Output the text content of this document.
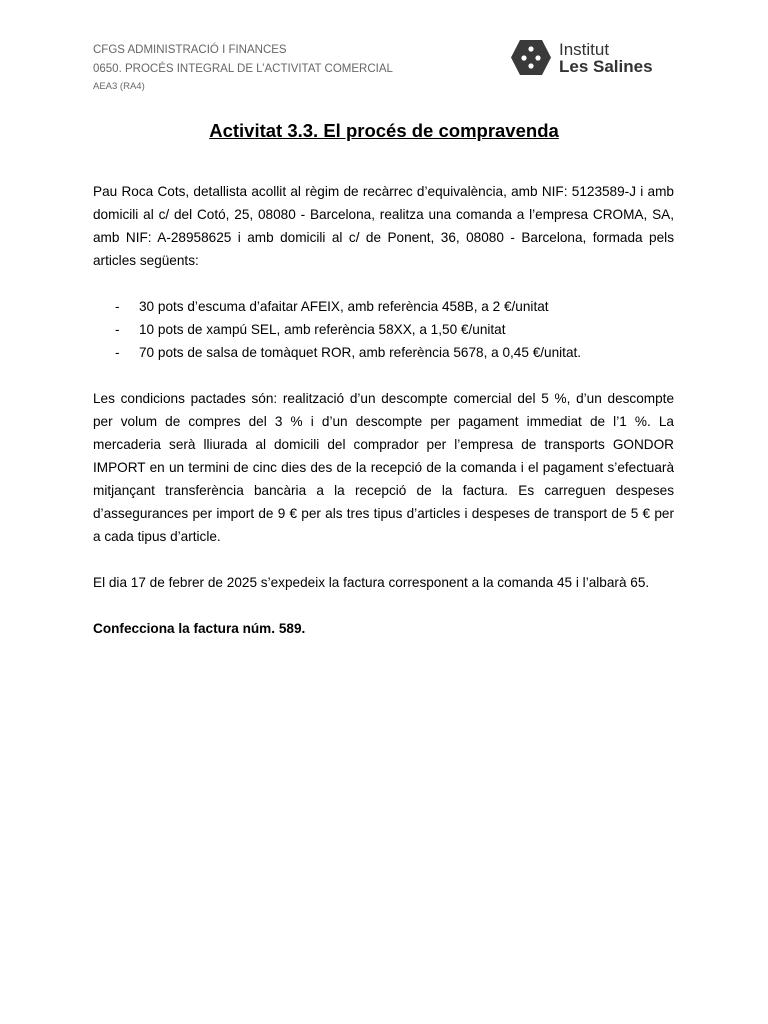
CFGS ADMINISTRACIÓ I FINANCES
0650. PROCÉS INTEGRAL DE L’ACTIVITAT COMERCIAL
AEA3 (RA4)
Institut
Les Salines
Activitat 3.3. El procés de compravenda

Pau Roca Cots, detallista acollit al règim de recàrrec d’equivalència, amb NIF: 5123589-J i amb domicili al c/ del Cotó, 25, 08080 - Barcelona, realitza una comanda a l’empresa CROMA, SA, amb NIF: A-28958625 i amb domicili al c/ de Ponent, 36, 08080 - Barcelona, formada pels articles següents:

- 30 pots d’escuma d’afaitar AFEIX, amb referència 458B, a 2 €/unitat
- 10 pots de xampú SEL, amb referència 58XX, a 1,50 €/unitat
- 70 pots de salsa de tomàquet ROR, amb referència 5678, a 0,45 €/unitat.

Les condicions pactades són: realització d’un descompte comercial del 5 %, d’un descompte per volum de compres del 3 % i d’un descompte per pagament immediat de l’1 %. La mercaderia serà lliurada al domicili del comprador per l’empresa de transports GONDOR IMPORT en un termini de cinc dies des de la recepció de la comanda i el pagament s’efectuarà mitjançant transferència bancària a la recepció de la factura. Es carreguen despeses d’assegurances per import de 9 € per als tres tipus d’articles i despeses de transport de 5 € per a cada tipus d’article.

El dia 17 de febrer de 2025 s’expedeix la factura corresponent a la comanda 45 i l’albarà 65.

Confecciona la factura núm. 589.
